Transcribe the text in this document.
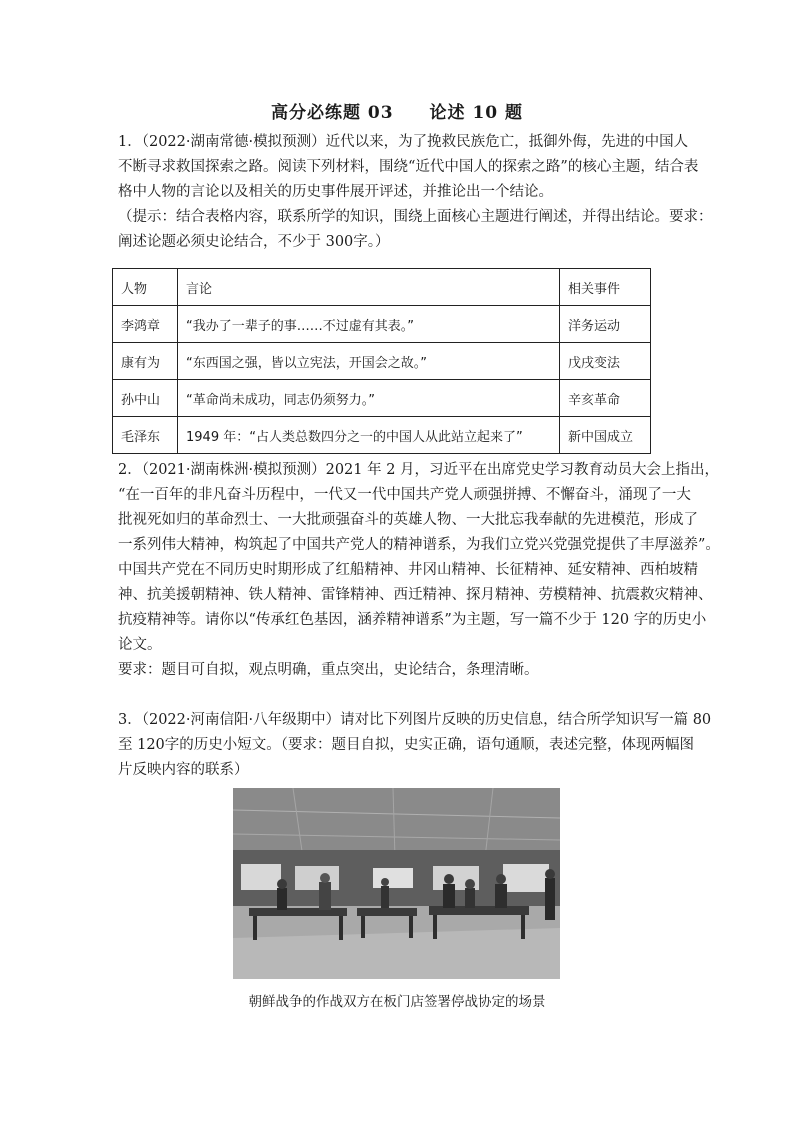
高分必练题 03 论述 10 题
1．（2022·湖南常德·模拟预测）近代以来，为了挽救民族危亡，抵御外侮，先进的中国人
不断寻求救国探索之路。阅读下列材料，围绕“近代中国人的探索之路”的核心主题，结合表
格中人物的言论以及相关的历史事件展开评述，并推论出一个结论。
（提示：结合表格内容，联系所学的知识，围绕上面核心主题进行阐述，并得出结论。要求：
阐述论题必须史论结合，不少于 300字。）
人物	言论	相关事件
李鸿章	“我办了一辈子的事……不过虚有其表。”	洋务运动
康有为	“东西国之强，皆以立宪法，开国会之故。”	戊戌变法
孙中山	“革命尚未成功，同志仍须努力。”	辛亥革命
毛泽东	1949 年：“占人类总数四分之一的中国人从此站立起来了”	新中国成立
2．（2021·湖南株洲·模拟预测）2021 年 2 月，习近平在出席党史学习教育动员大会上指出，
“在一百年的非凡奋斗历程中，一代又一代中国共产党人顽强拼搏、不懈奋斗，涌现了一大
批视死如归的革命烈士、一大批顽强奋斗的英雄人物、一大批忘我奉献的先进模范，形成了
一系列伟大精神，构筑起了中国共产党人的精神谱系，为我们立党兴党强党提供了丰厚滋养”。
中国共产党在不同历史时期形成了红船精神、井冈山精神、长征精神、延安精神、西柏坡精
神、抗美援朝精神、铁人精神、雷锋精神、西迁精神、探月精神、劳模精神、抗震救灾精神、
抗疫精神等。请你以“传承红色基因，涵养精神谱系”为主题，写一篇不少于 120 字的历史小
论文。
要求：题目可自拟，观点明确，重点突出，史论结合，条理清晰。
3．（2022·河南信阳·八年级期中）请对比下列图片反映的历史信息，结合所学知识写一篇 80
至 120字的历史小短文。（要求：题目自拟，史实正确，语句通顺，表述完整，体现两幅图
片反映内容的联系）
朝鲜战争的作战双方在板门店签署停战协定的场景
